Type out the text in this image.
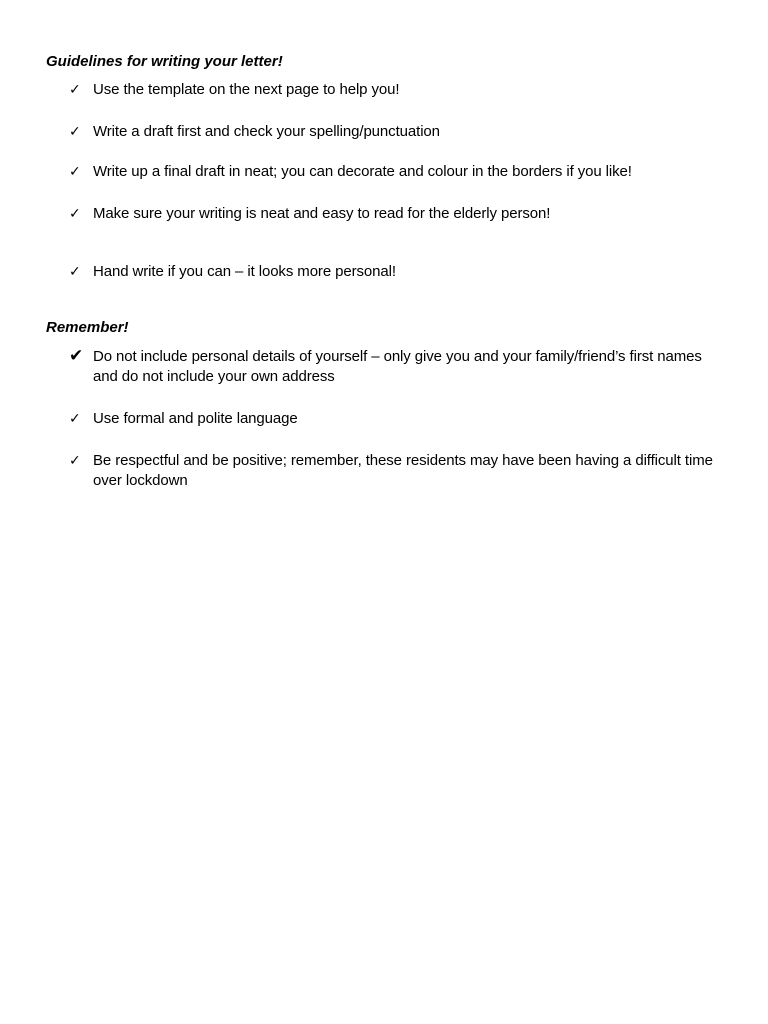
Guidelines for writing your letter!
✓ Use the template on the next page to help you!
✓ Write a draft first and check your spelling/punctuation
✓ Write up a final draft in neat; you can decorate and colour in the borders if you like!
✓ Make sure your writing is neat and easy to read for the elderly person!
✓ Hand write if you can – it looks more personal!
Remember!
✔ Do not include personal details of yourself – only give you and your family/friend’s first names and do not include your own address
✓ Use formal and polite language
✓ Be respectful and be positive; remember, these residents may have been having a difficult time over lockdown
